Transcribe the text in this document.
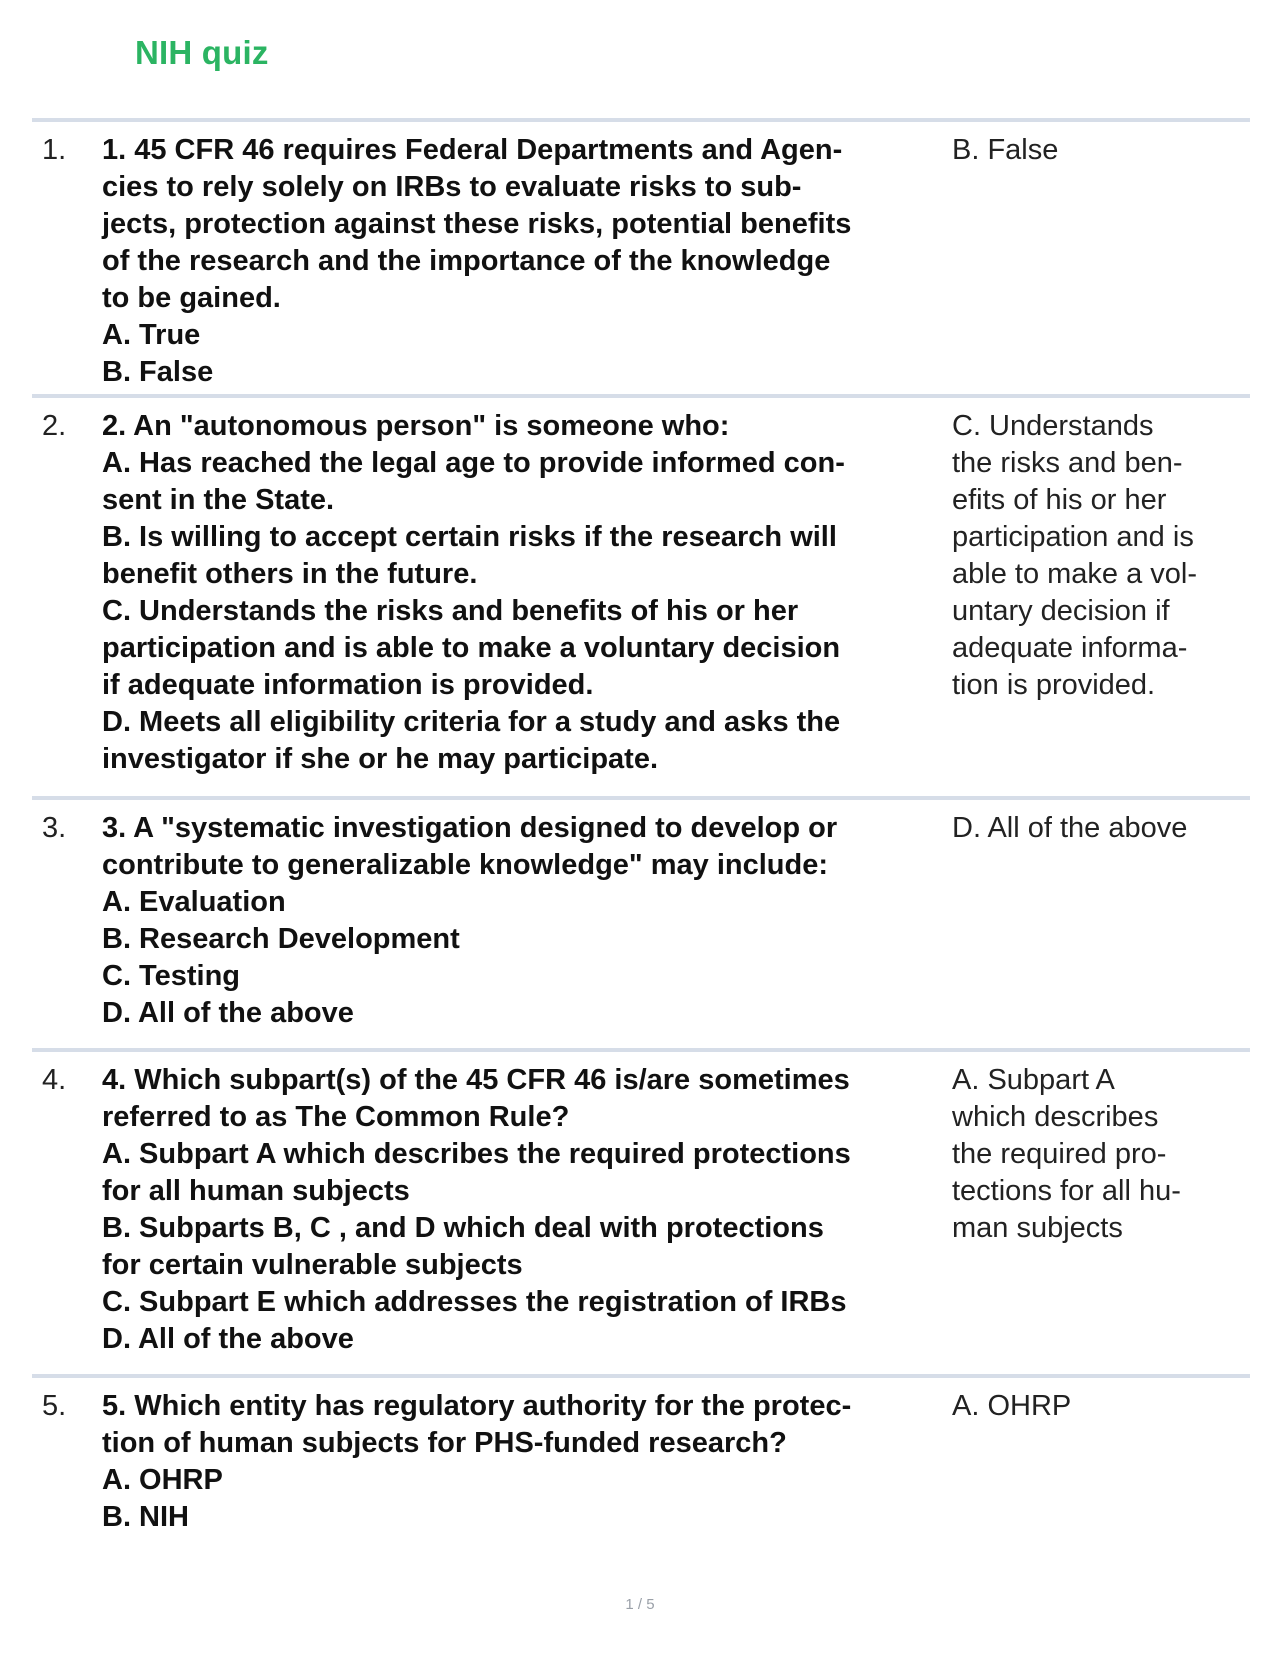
NIH quiz
1. 1. 45 CFR 46 requires Federal Departments and Agen-
cies to rely solely on IRBs to evaluate risks to sub-
jects, protection against these risks, potential benefits
of the research and the importance of the knowledge
to be gained.
A. True
B. False
B. False
2. 2. An "autonomous person" is someone who:
A. Has reached the legal age to provide informed con-
sent in the State.
B. Is willing to accept certain risks if the research will
benefit others in the future.
C. Understands the risks and benefits of his or her
participation and is able to make a voluntary decision
if adequate information is provided.
D. Meets all eligibility criteria for a study and asks the
investigator if she or he may participate.
C. Understands
the risks and ben-
efits of his or her
participation and is
able to make a vol-
untary decision if
adequate informa-
tion is provided.
3. 3. A "systematic investigation designed to develop or
contribute to generalizable knowledge" may include:
A. Evaluation
B. Research Development
C. Testing
D. All of the above
D. All of the above
4. 4. Which subpart(s) of the 45 CFR 46 is/are sometimes
referred to as The Common Rule?
A. Subpart A which describes the required protections
for all human subjects
B. Subparts B, C , and D which deal with protections
for certain vulnerable subjects
C. Subpart E which addresses the registration of IRBs
D. All of the above
A. Subpart A
which describes
the required pro-
tections for all hu-
man subjects
5. 5. Which entity has regulatory authority for the protec-
tion of human subjects for PHS-funded research?
A. OHRP
B. NIH
A. OHRP
1 / 5
